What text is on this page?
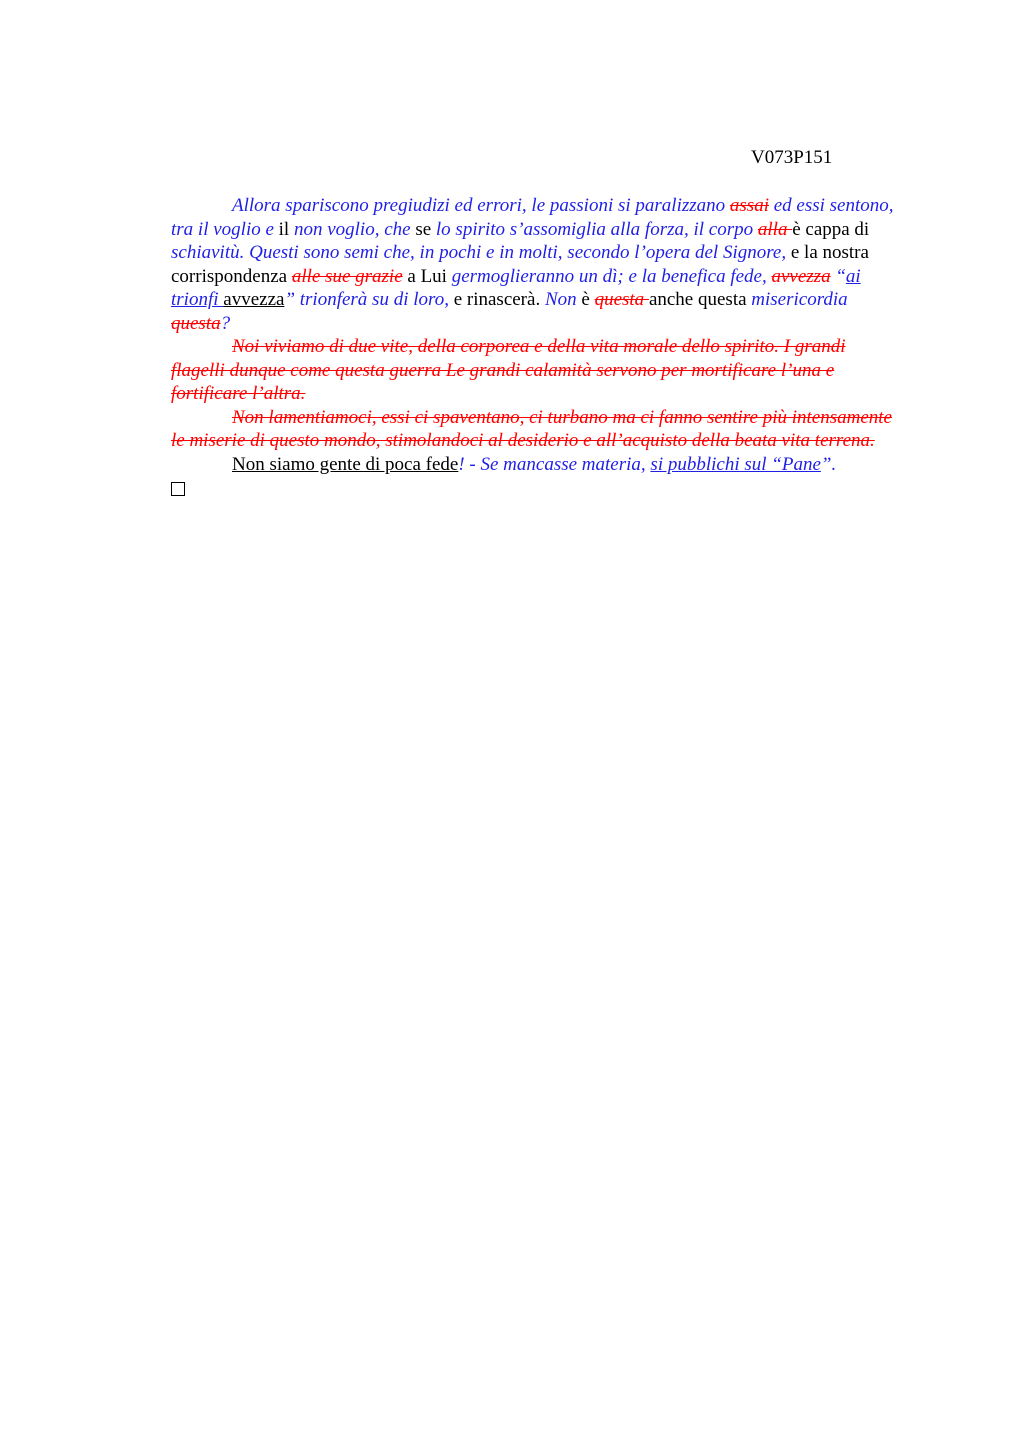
V073P151

Allora spariscono pregiudizi ed errori, le passioni si paralizzano assai ed essi sentono, tra il voglio e il non voglio, che se lo spirito s’assomiglia alla forza, il corpo alla è cappa di schiavitù. Questi sono semi che, in pochi e in molti, secondo l’opera del Signore, e la nostra corrispondenza alle sue grazie a Lui germoglieranno un dì; e la benefica fede, avvezza “ai trionfi avvezza” trionferà su di loro, e rinascerà. Non è questa anche questa misericordia questa?

Noi viviamo di due vite, della corporea e della vita morale dello spirito. I grandi flagelli dunque come questa guerra Le grandi calamità servono per mortificare l’una e fortificare l’altra.

Non lamentiamoci, essi ci spaventano, ci turbano ma ci fanno sentire più intensamente le miserie di questo mondo, stimolandoci al desiderio e all’acquisto della beata vita terrena.

Non siamo gente di poca fede! - Se mancasse materia, si pubblichi sul “Pane”.
